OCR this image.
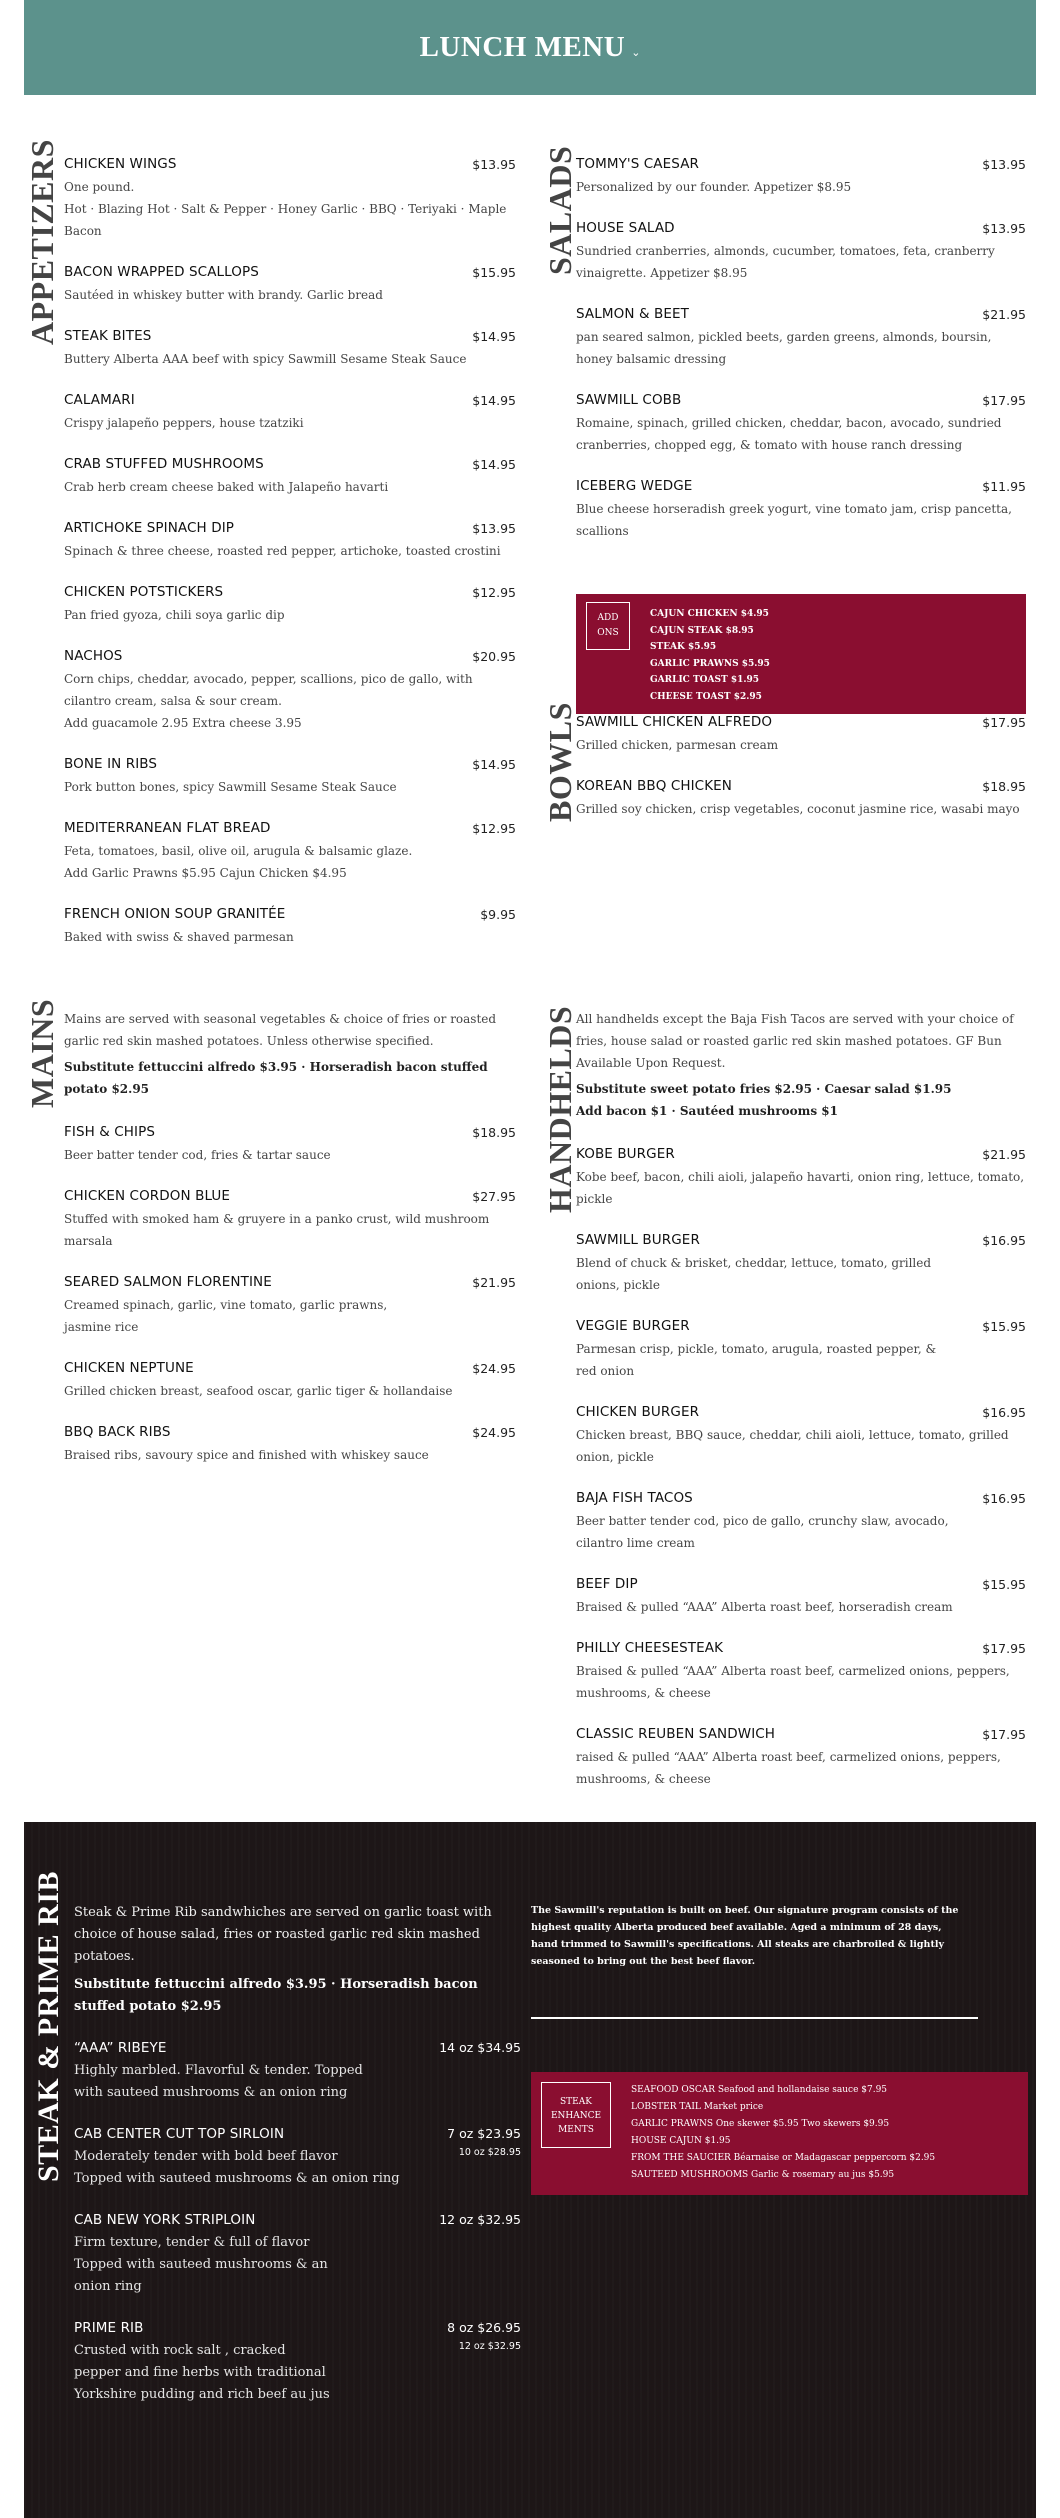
LUNCH MENU ⌄
APPETIZERS CHICKEN WINGS	$13.95
One pound.
Hot · Blazing Hot · Salt & Pepper · Honey Garlic · BBQ · Teriyaki · Maple Bacon
BACON WRAPPED SCALLOPS	$15.95
Sautéed in whiskey butter with brandy. Garlic bread
STEAK BITES	$14.95
Buttery Alberta AAA beef with spicy Sawmill Sesame Steak Sauce
CALAMARI	$14.95
Crispy jalapeño peppers, house tzatziki
CRAB STUFFED MUSHROOMS	$14.95
Crab herb cream cheese baked with Jalapeño havarti
ARTICHOKE SPINACH DIP	$13.95
Spinach & three cheese, roasted red pepper, artichoke, toasted crostini
CHICKEN POTSTICKERS	$12.95
Pan fried gyoza, chili soya garlic dip
NACHOS	$20.95
Corn chips, cheddar, avocado, pepper, scallions, pico de gallo, with cilantro cream, salsa & sour cream.
Add guacamole 2.95 Extra cheese 3.95
BONE IN RIBS	$14.95
Pork button bones, spicy Sawmill Sesame Steak Sauce
MEDITERRANEAN FLAT BREAD	$12.95
Feta, tomatoes, basil, olive oil, arugula & balsamic glaze.
Add Garlic Prawns $5.95 Cajun Chicken $4.95
FRENCH ONION SOUP GRANITÉE	$9.95
Baked with swiss & shaved parmesan
SALADS
TOMMY'S CAESAR	$13.95
Personalized by our founder. Appetizer $8.95
HOUSE SALAD	$13.95
Sundried cranberries, almonds, cucumber, tomatoes, feta, cranberry vinaigrette. Appetizer $8.95
SALMON & BEET	$21.95
pan seared salmon, pickled beets, garden greens, almonds, boursin, honey balsamic dressing
SAWMILL COBB	$17.95
Romaine, spinach, grilled chicken, cheddar, bacon, avocado, sundried cranberries, chopped egg, & tomato with house ranch dressing
ICEBERG WEDGE	$11.95
Blue cheese horseradish greek yogurt, vine tomato jam, crisp pancetta, scallions
ADD ONS
CAJUN CHICKEN $4.95
CAJUN STEAK $8.95
STEAK $5.95
GARLIC PRAWNS $5.95
GARLIC TOAST $1.95
CHEESE TOAST $2.95
BOWLS
SAWMILL CHICKEN ALFREDO	$17.95
Grilled chicken, parmesan cream
KOREAN BBQ CHICKEN	$18.95
Grilled soy chicken, crisp vegetables, coconut jasmine rice, wasabi mayo
MAINS Mains are served with seasonal vegetables & choice of fries or roasted garlic red skin mashed potatoes. Unless otherwise specified.
Substitute fettuccini alfredo $3.95 · Horseradish bacon stuffed potato $2.95
FISH & CHIPS	$18.95
Beer batter tender cod, fries & tartar sauce
CHICKEN CORDON BLUE	$27.95
Stuffed with smoked ham & gruyere in a panko crust, wild mushroom marsala
SEARED SALMON FLORENTINE	$21.95
Creamed spinach, garlic, vine tomato, garlic prawns, jasmine rice
CHICKEN NEPTUNE	$24.95
Grilled chicken breast, seafood oscar, garlic tiger & hollandaise
BBQ BACK RIBS	$24.95
Braised ribs, savoury spice and finished with whiskey sauce
HANDHELDS
All handhelds except the Baja Fish Tacos are served with your choice of fries, house salad or roasted garlic red skin mashed potatoes. GF Bun Available Upon Request.
Substitute sweet potato fries $2.95 · Caesar salad $1.95
Add bacon $1 · Sautéed mushrooms $1
KOBE BURGER	$21.95
Kobe beef, bacon, chili aioli, jalapeño havarti, onion ring, lettuce, tomato, pickle
SAWMILL BURGER	$16.95
Blend of chuck & brisket, cheddar, lettuce, tomato, grilled onions, pickle
VEGGIE BURGER	$15.95
Parmesan crisp, pickle, tomato, arugula, roasted pepper, & red onion
CHICKEN BURGER	$16.95
Chicken breast, BBQ sauce, cheddar, chili aioli, lettuce, tomato, grilled onion, pickle
BAJA FISH TACOS	$16.95
Beer batter tender cod, pico de gallo, crunchy slaw, avocado, cilantro lime cream
BEEF DIP	$15.95
Braised & pulled “AAA” Alberta roast beef, horseradish cream
PHILLY CHEESESTEAK	$17.95
Braised & pulled “AAA” Alberta roast beef, carmelized onions, peppers, mushrooms, & cheese
CLASSIC REUBEN SANDWICH	$17.95
raised & pulled “AAA” Alberta roast beef, carmelized onions, peppers, mushrooms, & cheese
STEAK & PRIME RIB Steak & Prime Rib sandwhiches are served on garlic toast with choice of house salad, fries or roasted garlic red skin mashed potatoes.
Substitute fettuccini alfredo $3.95 · Horseradish bacon stuffed potato $2.95
“AAA” RIBEYE	14 oz $34.95
Highly marbled. Flavorful & tender. Topped with sauteed mushrooms & an onion ring
CAB CENTER CUT TOP SIRLOIN	7 oz $23.95
10 oz $28.95
Moderately tender with bold beef flavor
Topped with sauteed mushrooms & an onion ring
CAB NEW YORK STRIPLOIN	12 oz $32.95
Firm texture, tender & full of flavor
Topped with sauteed mushrooms & an onion ring
PRIME RIB	8 oz $26.95
12 oz $32.95
Crusted with rock salt , cracked pepper and fine herbs with traditional Yorkshire pudding and rich beef au jus
The Sawmill's reputation is built on beef. Our signature program consists of the highest quality Alberta produced beef available. Aged a minimum of 28 days, hand trimmed to Sawmill's specifications. All steaks are charbroiled & lightly seasoned to bring out the best beef flavor.
STEAK
ENHANCE
MENTS
SEAFOOD OSCAR Seafood and hollandaise sauce $7.95
LOBSTER TAIL Market price
GARLIC PRAWNS One skewer $5.95 Two skewers $9.95
HOUSE CAJUN $1.95
FROM THE SAUCIER Béarnaise or Madagascar peppercorn $2.95
SAUTEED MUSHROOMS Garlic & rosemary au jus $5.95
